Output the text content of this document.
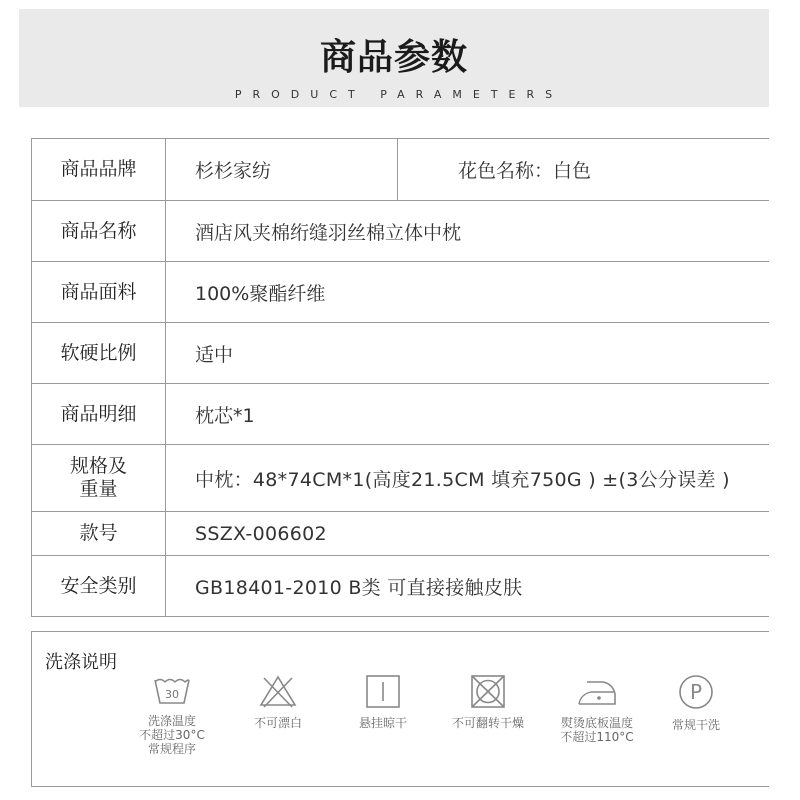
商品参数
PRODUCT PARAMETERS
商品品牌	杉杉家纺	花色名称：白色
商品名称	酒店风夹棉绗缝羽丝棉立体中枕
商品面料	100%聚酯纤维
软硬比例	适中
商品明细	枕芯*1
规格及
重量	中枕：48*74CM*1(高度21.5CM 填充750G ) ±(3公分误差 )
款号	SSZX-006602
安全类别	GB18401-2010 B类 可直接接触皮肤
洗涤说明
30
洗涤温度
不超过30°C
常规程序
不可漂白	悬挂晾干	不可翻转干燥	熨烫底板温度
不超过110°C
P
常规干洗
